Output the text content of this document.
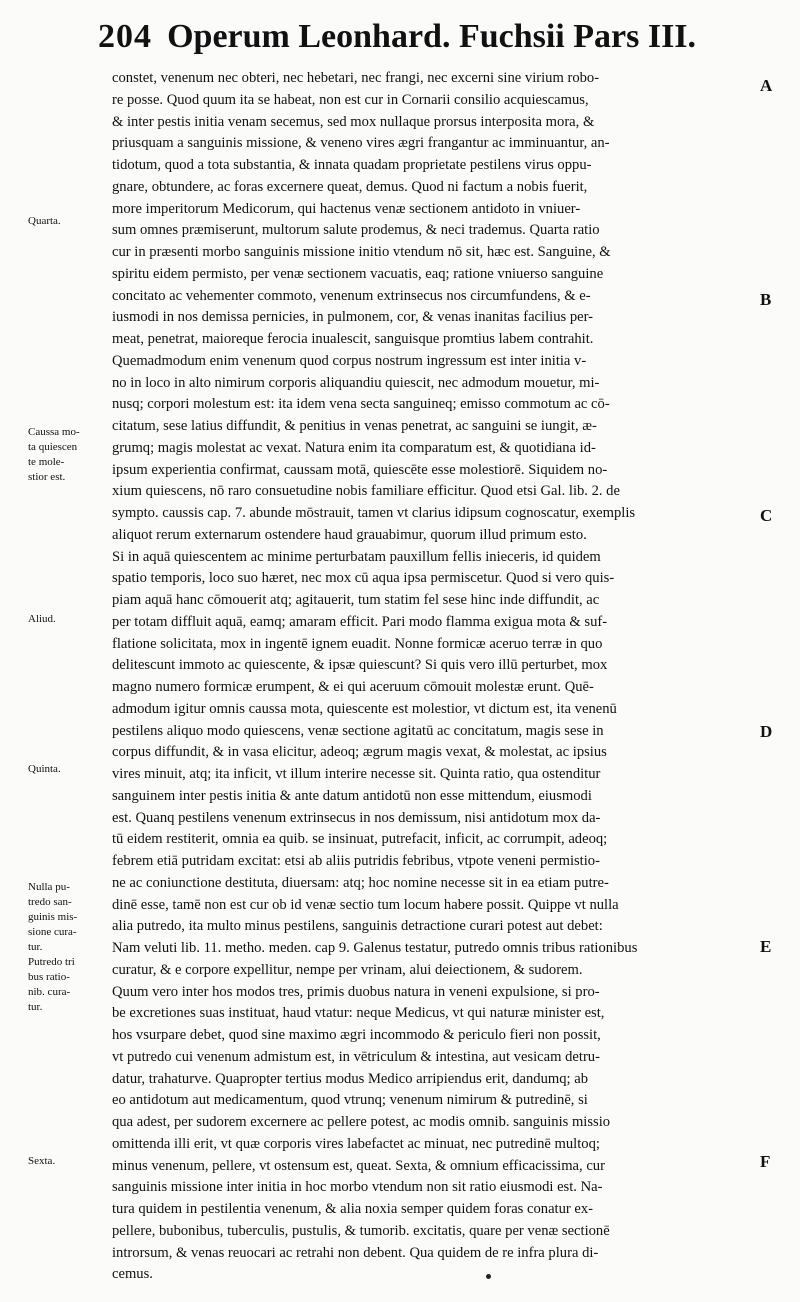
204 Operum Leonhard. Fuchsii Pars III.
constet, venenum nec obteri, nec hebetari, nec frangi, nec excerni sine virium robo-
re posse. Quod quum ita se habeat, non est cur in Cornarii consilio acquiescamus,
& inter pestis initia venam secemus, sed mox nullaque prorsus interposita mora, &
priusquam a sanguinis missione, & veneno vires ægri frangantur ac imminuantur, an-
tidotum, quod a tota substantia, & innata quadam proprietate pestilens virus oppu-
gnare, obtundere, ac foras excernere queat, demus. Quod ni factum a nobis fuerit,
more imperitorum Medicorum, qui hactenus venæ sectionem antidoto in vniuer-
sum omnes præmiserunt, multorum salute prodemus, & neci trademus. Quarta ratio
cur in præsenti morbo sanguinis missione initio vtendum nō sit, hæc est. Sanguine, &
spiritu eidem permisto, per venæ sectionem vacuatis, eaq; ratione vniuerso sanguine
concitato ac vehementer commoto, venenum extrinsecus nos circumfundens, & e-
iusmodi in nos demissa pernicies, in pulmonem, cor, & venas inanitas facilius per-
meat, penetrat, maioreque ferocia inualescit, sanguisque promtius labem contrahit.
Quemadmodum enim venenum quod corpus nostrum ingressum est inter initia v-
no in loco in alto nimirum corporis aliquandiu quiescit, nec admodum mouetur, mi-
nusq; corpori molestum est: ita idem vena secta sanguineq; emisso commotum ac cō-
citatum, sese latius diffundit, & penitius in venas penetrat, ac sanguini se iungit, æ-
grumq; magis molestat ac vexat. Natura enim ita comparatum est, & quotidiana id-
ipsum experientia confirmat, caussam motā, quiescēte esse molestiorē. Siquidem no-
xium quiescens, nō raro consuetudine nobis familiare efficitur. Quod etsi Gal. lib. 2. de
sympto. caussis cap. 7. abunde mōstrauit, tamen vt clarius idipsum cognoscatur, exemplis
aliquot rerum externarum ostendere haud grauabimur, quorum illud primum esto.
Si in aquā quiescentem ac minime perturbatam pauxillum fellis inieceris, id quidem
spatio temporis, loco suo hæret, nec mox cū aqua ipsa permiscetur. Quod si vero quis-
piam aquā hanc cōmouerit atq; agitauerit, tum statim fel sese hinc inde diffundit, ac
per totam diffluit aquā, eamq; amaram efficit. Pari modo flamma exigua mota & suf-
flatione solicitata, mox in ingentē ignem euadit. Nonne formicæ aceruo terræ in quo
delitescunt immoto ac quiescente, & ipsæ quiescunt? Si quis vero illū perturbet, mox
magno numero formicæ erumpent, & ei qui aceruum cōmouit molestæ erunt. Quē-
admodum igitur omnis caussa mota, quiescente est molestior, vt dictum est, ita venenū
pestilens aliquo modo quiescens, venæ sectione agitatū ac concitatum, magis sese in
corpus diffundit, & in vasa elicitur, adeoq; ægrum magis vexat, & molestat, ac ipsius
vires minuit, atq; ita inficit, vt illum interire necesse sit. Quinta ratio, qua ostenditur
sanguinem inter pestis initia & ante datum antidotū non esse mittendum, eiusmodi
est. Quanq pestilens venenum extrinsecus in nos demissum, nisi antidotum mox da-
tū eidem restiterit, omnia ea quib. se insinuat, putrefacit, inficit, ac corrumpit, adeoq;
febrem etiā putridam excitat: etsi ab aliis putridis febribus, vtpote veneni permistio-
ne ac coniunctione destituta, diuersam: atq; hoc nomine necesse sit in ea etiam putre-
dinē esse, tamē non est cur ob id venæ sectio tum locum habere possit. Quippe vt nulla
alia putredo, ita multo minus pestilens, sanguinis detractione curari potest aut debet:
Nam veluti lib. 11. metho. meden. cap 9. Galenus testatur, putredo omnis tribus rationibus
curatur, & e corpore expellitur, nempe per vrinam, alui deiectionem, & sudorem.
Quum vero inter hos modos tres, primis duobus natura in veneni expulsione, si pro-
be excretiones suas instituat, haud vtatur: neque Medicus, vt qui naturæ minister est,
hos vsurpare debet, quod sine maximo ægri incommodo & periculo fieri non possit,
vt putredo cui venenum admistum est, in vētriculum & intestina, aut vesicam detru-
datur, trahaturve. Quapropter tertius modus Medico arripiendus erit, dandumq; ab
eo antidotum aut medicamentum, quod vtrunq; venenum nimirum & putredinē, si
qua adest, per sudorem excernere ac pellere potest, ac modis omnib. sanguinis missio
omittenda illi erit, vt quæ corporis vires labefactet ac minuat, nec putredinē multoq;
minus venenum, pellere, vt ostensum est, queat. Sexta, & omnium efficacissima, cur
sanguinis missione inter initia in hoc morbo vtendum non sit ratio eiusmodi est. Na-
tura quidem in pestilentia venenum, & alia noxia semper quidem foras conatur ex-
pellere, bubonibus, tuberculis, pustulis, & tumorib. excitatis, quare per venæ sectionē
introrsum, & venas reuocari ac retrahi non debent. Qua quidem de re infra plura di-
cemus.
Quarta.
Caussa mo-
ta quiescen
te mole-
stior est.
Aliud.
Quinta.
Nulla pu-
tredo san-
guinis mis-
sione cura-
tur.
Putredo tri
bus ratio-
nib. cura-
tur.
Sexta.
A
B
C
D
E
F
